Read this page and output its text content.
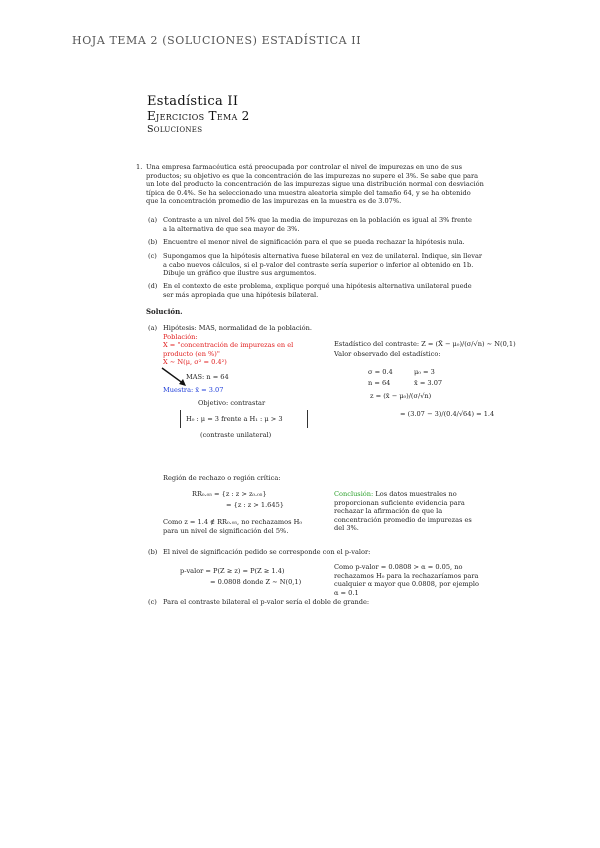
HOJA TEMA 2 (SOLUCIONES) ESTADÍSTICA II
Estadística II
Ejercicios Tema 2
Soluciones
1. Una empresa farmacéutica está preocupada por controlar el nivel de impurezas en uno de sus
productos; su objetivo es que la concentración de las impurezas no supere el 3%. Se sabe que para
un lote del producto la concentración de las impurezas sigue una distribución normal con desviación
típica de 0.4%. Se ha seleccionado una muestra aleatoria simple del tamaño 64, y se ha obtenido
que la concentración promedio de las impurezas en la muestra es de 3.07%.
(a) Contraste a un nivel del 5% que la media de impurezas en la población es igual al 3% frente
a la alternativa de que sea mayor de 3%.
(b) Encuentre el menor nivel de significación para el que se pueda rechazar la hipótesis nula.
(c) Supongamos que la hipótesis alternativa fuese bilateral en vez de unilateral. Indique, sin llevar
a cabo nuevos cálculos, si el p-valor del contraste sería superior o inferior al obtenido en 1b.
Dibuje un gráfico que ilustre sus argumentos.
(d) En el contexto de este problema, explique porqué una hipótesis alternativa unilateral puede
ser más apropiada que una hipótesis bilateral.
Solución.
(a) Hipótesis: MAS, normalidad de la población.
Población:
X = "concentración de impurezas en el
producto (en %)"
X ∼ N(μ, σ² = 0.4²)
MAS: n = 64
Muestra: x̄ = 3.07
Objetivo: contrastar
H₀ : μ = 3 frente a H₁ : μ > 3
(contraste unilateral)
Estadístico del contraste: Z = (X̄ − μ₀)/(σ/√n) ∼ N(0,1)
Valor observado del estadístico:
σ = 0.4	μ₀ = 3
n = 64	x̄ = 3.07
z = (x̄ − μ₀)/(σ/√n)
= (3.07 − 3)/(0.4/√64) = 1.4
Región de rechazo o región crítica:
RR₀.₀₅ = {z : z > z₀.₀₅}
= {z : z > 1.645}
Como z = 1.4 ∉ RR₀.₀₅, no rechazamos H₀
para un nivel de significación del 5%.
Conclusión: Los datos muestrales no proporcionan suficiente evidencia para rechazar la afirmación de que la concentración promedio de impurezas es del 3%.
(b) El nivel de significación pedido se corresponde con el p-valor:
p-valor = P(Z ≥ z) = P(Z ≥ 1.4)
= 0.0808 donde Z ∼ N(0,1)
Como p-valor = 0.0808 > α = 0.05, no rechazamos H₀ para la rechazaríamos para cualquier α mayor que 0.0808, por ejemplo α = 0.1
(c) Para el contraste bilateral el p-valor sería el doble de grande:
